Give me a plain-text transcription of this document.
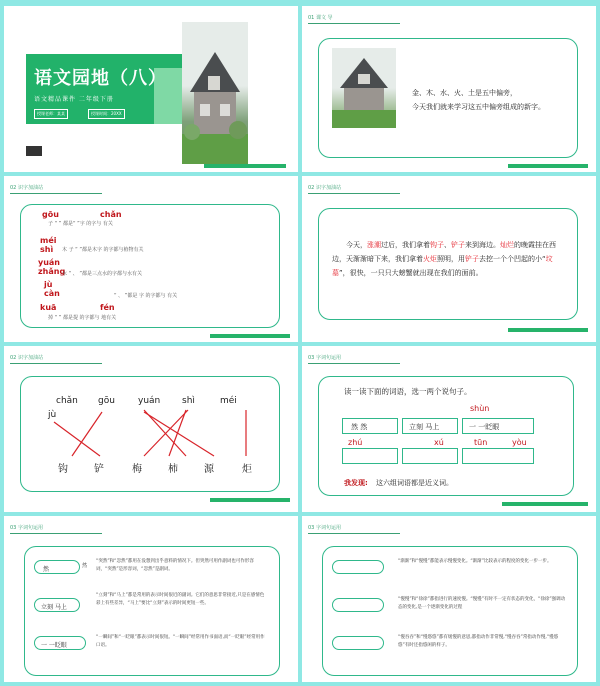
语文园地（八）
语文精品课件 二年级下册
授课老师：某某	授课时间：20XX
01 课文 导
金、木、水、火、土是五中偏旁，
今天我们就来学习这五中偏旁组成的新字。
02 识字加油站
gōu	chǎn
子 “ ” 都是“ ”字 的字与 有关
méi shì	木 子 “ ”都是木字 的字都与植物有关
yuán zhǎng
水 “ 、 ”都是三点水的字都与水有关
jù càn	“ 、 ”都是 字 的字都与 有关
kuā	fén
掉 “ ” 都是提 的字都与 地有关
02 识字加油站
今天，涨潮过后，我们拿着钩子、铲子来到海边。灿烂的晚霞挂在西边，天渐渐暗下来，我们拿着火炬照明，用铲子去挖一个个凹起的小“坟墓”，很快，一只只大螃蟹就出现在我们的面前。
02 识字加油站
chǎn
jù
gōu	yuán shì	méi
钩	铲	梅	柿	源	炬
03 字词句运用
读一读下面的词语，选一两个说句子。
shùn
然 然	立刻 马上	一 一眨眼
zhú	xú	tūn	yòu
我发现: 这六组词语都是近义词。
03 字词句运用
然	然
立刻 马上
一 一眨眼
“突然”和“忽然”都用在没想到出乎意料的情况下。但突然可用作副词也可作形容词，“突然”是形容词，“忽然”是副词。
“立刻”和“马上”都是常用的表示时间很近的副词。它们的意思非常接近,只是在感情色彩上有些差异，“马上”要比“立刻”表示的时间更短一些。
“一瞬间”和“一眨眼”都表示时间很短。“一瞬间”经常用作书面语,而“一眨眼”经常用作口语。
03 字词句运用
“渐渐”和“慢慢”都能表示慢慢变化。“渐渐”比较表示的程度的变化一步一步。
“慢慢”和“徐徐”都指进行的速度慢。“慢慢”有时不一定有状态的变化，“徐徐”强调动态的变化,是一个逐渐变化的过程
“慢吞吞”和“慢悠悠”都有缓慢的意思,都指动作非常慢,“慢吞吞”常指动作慢,“慢悠悠”有时还指悠闲的样子。
